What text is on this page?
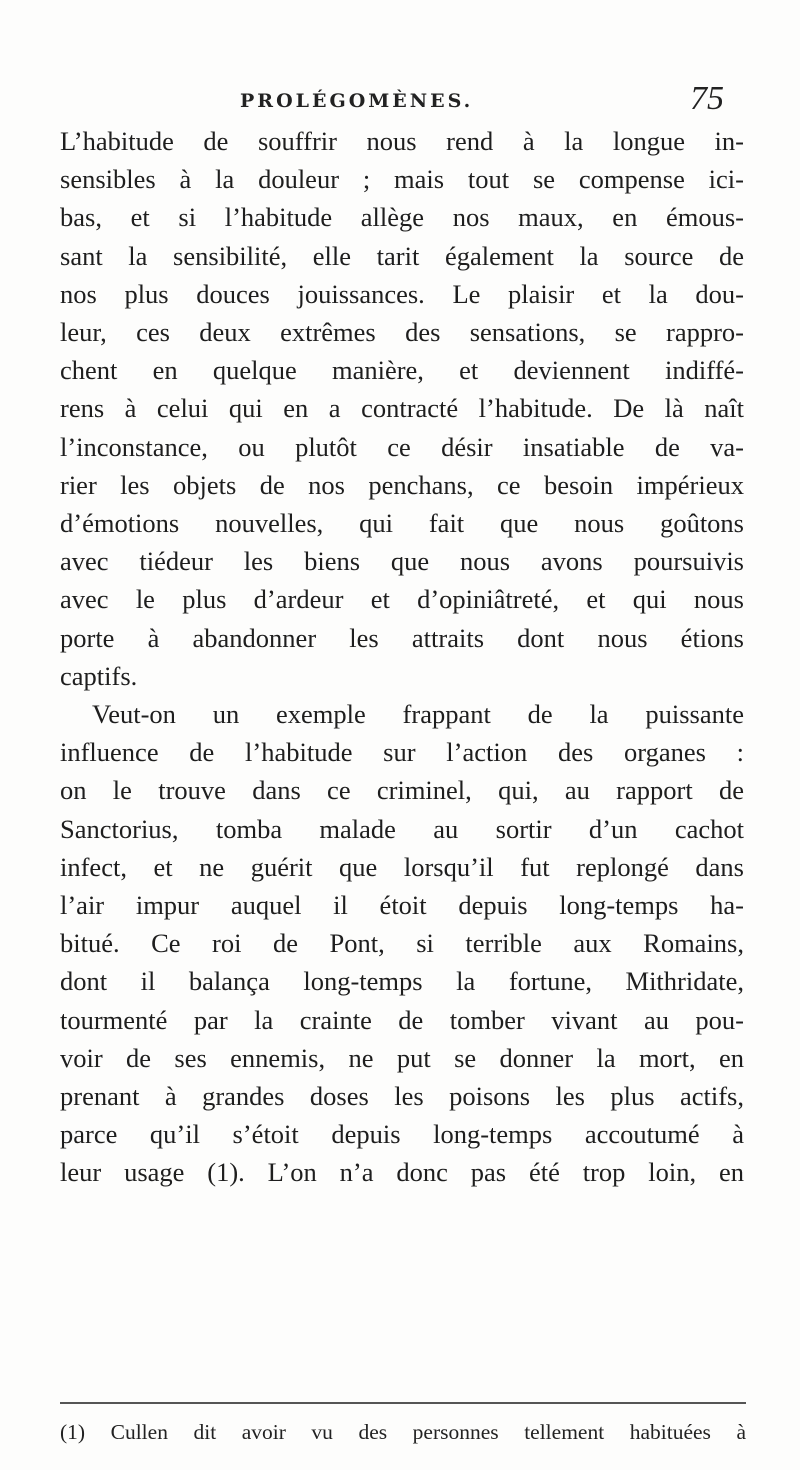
PROLÉGOMÈNES.	75
L’habitude de souffrir nous rend à la longue in-
sensibles à la douleur ; mais tout se compense ici-
bas, et si l’habitude allège nos maux, en émous-
sant la sensibilité, elle tarit également la source de
nos plus douces jouissances. Le plaisir et la dou-
leur, ces deux extrêmes des sensations, se rappro-
chent en quelque manière, et deviennent indiffé-
rens à celui qui en a contracté l’habitude. De là naît
l’inconstance, ou plutôt ce désir insatiable de va-
rier les objets de nos penchans, ce besoin impérieux
d’émotions nouvelles, qui fait que nous goûtons
avec tiédeur les biens que nous avons poursuivis
avec le plus d’ardeur et d’opiniâtreté, et qui nous
porte à abandonner les attraits dont nous étions
captifs.
Veut-on un exemple frappant de la puissante
influence de l’habitude sur l’action des organes :
on le trouve dans ce criminel, qui, au rapport de
Sanctorius, tomba malade au sortir d’un cachot
infect, et ne guérit que lorsqu’il fut replongé dans
l’air impur auquel il étoit depuis long-temps ha-
bitué. Ce roi de Pont, si terrible aux Romains,
dont il balança long-temps la fortune, Mithridate,
tourmenté par la crainte de tomber vivant au pou-
voir de ses ennemis, ne put se donner la mort, en
prenant à grandes doses les poisons les plus actifs,
parce qu’il s’étoit depuis long-temps accoutumé à
leur usage (1). L’on n’a donc pas été trop loin, en
(1) Cullen dit avoir vu des personnes tellement habituées à
